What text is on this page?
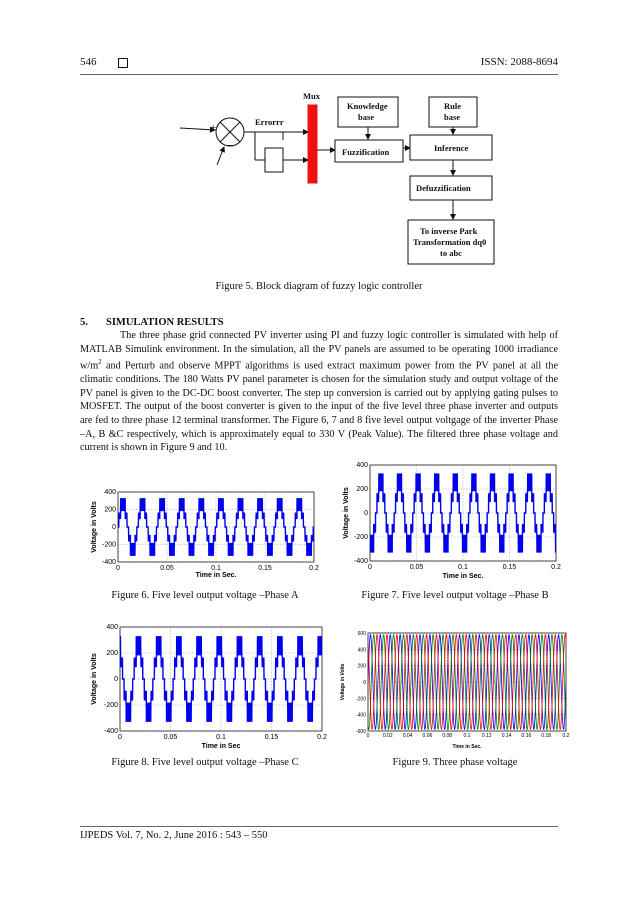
546	ISSN: 2088-8694
+
−
Errorrr
Mux
Knowledge
base
Fuzzification
Rule
base
Inference
Defuzzification
To inverse Park
Transformation dq0
to abc
Figure 5. Block diagram of fuzzy logic controller
5. SIMULATION RESULTS

The three phase grid connected PV inverter using PI and fuzzy logic controller is simulated with help of MATLAB Simulink environment. In the simulation, all the PV panels are assumed to be operating 1000 irradiance $w/m^2$ and Perturb and observe MPPT algorithms is used extract maximum power from the PV panel at all the climatic conditions. The 180 Watts PV panel parameter is chosen for the simulation study and output voltage of the PV panel is given to the DC-DC boost converter. The step up conversion is carried out by applying gating pulses to MOSFET. The output of the boost converter is given to the input of the five level three phase inverter and outputs are fed to three phase 12 terminal transformer. The Figure 6, 7 and 8 five level output voltgage of the inverter Phase –A, B &C respectively, which is approximately equal to 330 V (Peak Value). The filtered three phase voltage and current is shown in Figure 9 and 10.

400
200
0
-200
-400
0	0.05	0.1	0.15	0.2
Time in Sec.
Voltage in Volts
400
200
0
-200
-400
0	0.05	0.1	0.15	0.2
Time in Sec.
Voltage in Volts
400
200
0
-200
-400
0	0.05	0.1	0.15	0.2
Time in Sec
Voltage in Volts
600
400
200
0
-200
-400
-600
0	0.02 0.04 0.06 0.08 0.1 0.12 0.14 0.16 0.18 0.2
Time in Sec.
Voltage in Volts
Figure 6. Five level output voltage –Phase A	Figure 7. Five level output voltage –Phase B
Figure 8. Five level output voltage –Phase C	Figure 9. Three phase voltage
IJPEDS Vol. 7, No. 2, June 2016 : 543 – 550
